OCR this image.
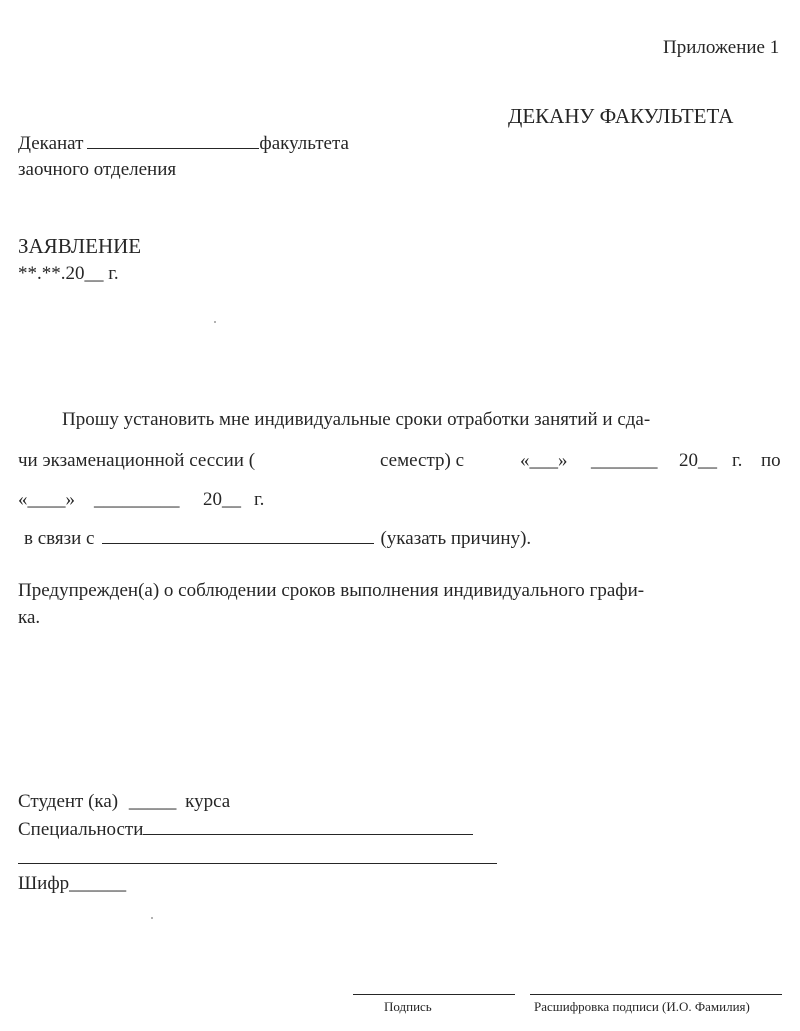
Приложение 1
ДЕКАНУ ФАКУЛЬТЕТА
Деканат	факультета
заочного отделения
ЗАЯВЛЕНИЕ
**.**.20__ г.
Прошу установить мне индивидуальные сроки отработки занятий и сда-
чи экзаменационной сессии (	семестр) с	«___» _______ 20__ г. по
«____» _________ 20__ г.
в связи с	(указать причину).
Предупрежден(а) о соблюдении сроков выполнения индивидуального графи-
ка.
Студент (ка) _____ курса
Специальности
Шифр______
Подпись	Расшифровка подписи (И.О. Фамилия)
